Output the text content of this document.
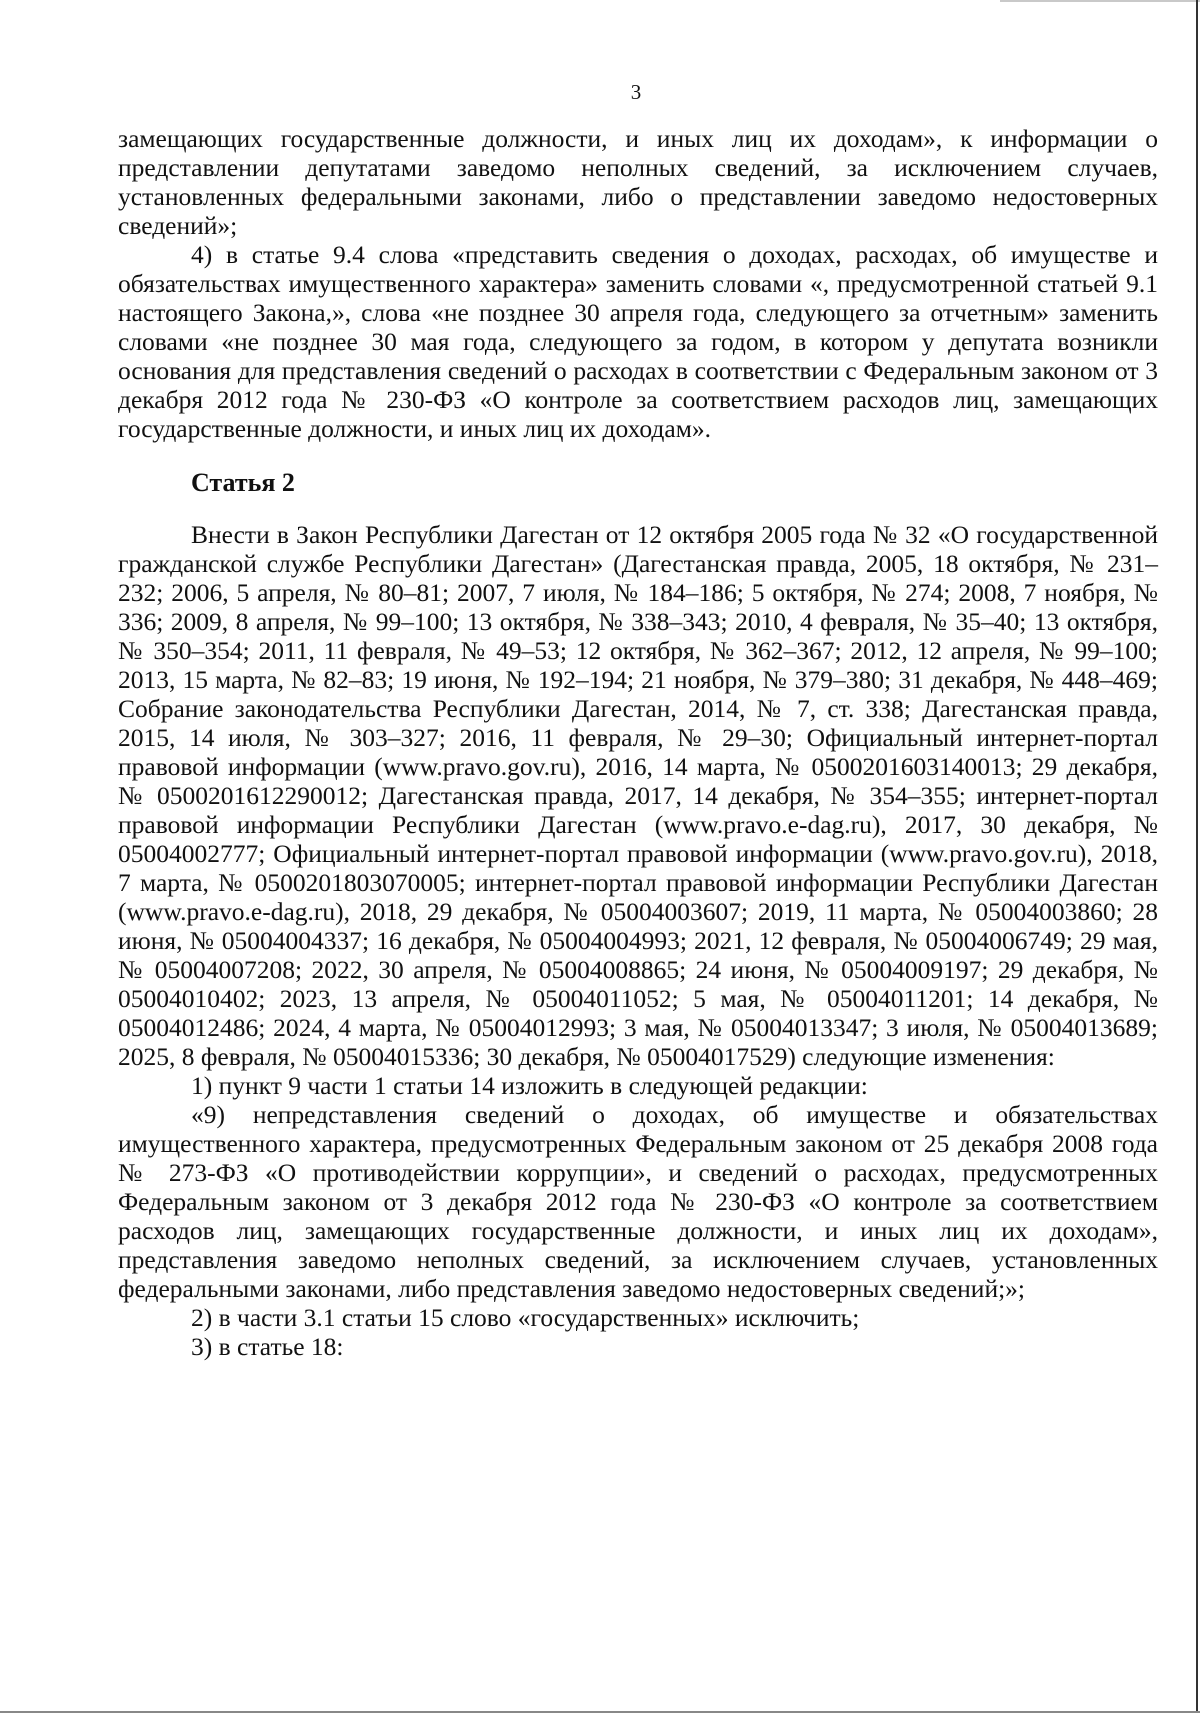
3

замещающих государственные должности, и иных лиц их доходам», к информации о представлении депутатами заведомо неполных сведений, за исключением случаев, установленных федеральными законами, либо о представлении заведомо недостоверных сведений»;

4) в статье 9.4 слова «представить сведения о доходах, расходах, об имуществе и обязательствах имущественного характера» заменить словами «, предусмотренной статьей 9.1 настоящего Закона,», слова «не позднее 30 апреля года, следующего за отчетным» заменить словами «не позднее 30 мая года, следующего за годом, в котором у депутата возникли основания для представления сведений о расходах в соответствии с Федеральным законом от 3 декабря 2012 года № 230-ФЗ «О контроле за соответствием расходов лиц, замещающих государственные должности, и иных лиц их доходам».

Статья 2

Внести в Закон Республики Дагестан от 12 октября 2005 года № 32 «О государственной гражданской службе Республики Дагестан» (Дагестанская правда, 2005, 18 октября, № 231–232; 2006, 5 апреля, № 80–81; 2007, 7 июля, № 184–186; 5 октября, № 274; 2008, 7 ноября, № 336; 2009, 8 апреля, № 99–100; 13 октября, № 338–343; 2010, 4 февраля, № 35–40; 13 октября, № 350–354; 2011, 11 февраля, № 49–53; 12 октября, № 362–367; 2012, 12 апреля, № 99–100; 2013, 15 марта, № 82–83; 19 июня, № 192–194; 21 ноября, № 379–380; 31 декабря, № 448–469; Собрание законодательства Республики Дагестан, 2014, № 7, ст. 338; Дагестанская правда, 2015, 14 июля, № 303–327; 2016, 11 февраля, № 29–30; Официальный интернет-портал правовой информации (www.pravo.gov.ru), 2016, 14 марта, № 0500201603140013; 29 декабря, № 0500201612290012; Дагестанская правда, 2017, 14 декабря, № 354–355; интернет-портал правовой информации Республики Дагестан (www.pravo.e-dag.ru), 2017, 30 декабря, № 05004002777; Официальный интернет-портал правовой информации (www.pravo.gov.ru), 2018, 7 марта, № 0500201803070005; интернет-портал правовой информации Республики Дагестан (www.pravo.e-dag.ru), 2018, 29 декабря, № 05004003607; 2019, 11 марта, № 05004003860; 28 июня, № 05004004337; 16 декабря, № 05004004993; 2021, 12 февраля, № 05004006749; 29 мая, № 05004007208; 2022, 30 апреля, № 05004008865; 24 июня, № 05004009197; 29 декабря, № 05004010402; 2023, 13 апреля, № 05004011052; 5 мая, № 05004011201; 14 декабря, № 05004012486; 2024, 4 марта, № 05004012993; 3 мая, № 05004013347; 3 июля, № 05004013689; 2025, 8 февраля, № 05004015336; 30 декабря, № 05004017529) следующие изменения:

1) пункт 9 части 1 статьи 14 изложить в следующей редакции:

«9) непредставления сведений о доходах, об имуществе и обязательствах имущественного характера, предусмотренных Федеральным законом от 25 декабря 2008 года № 273-ФЗ «О противодействии коррупции», и сведений о расходах, предусмотренных Федеральным законом от 3 декабря 2012 года № 230-ФЗ «О контроле за соответствием расходов лиц, замещающих государственные должности, и иных лиц их доходам», представления заведомо неполных сведений, за исключением случаев, установленных федеральными законами, либо представления заведомо недостоверных сведений;»;

2) в части 3.1 статьи 15 слово «государственных» исключить;

3) в статье 18:
